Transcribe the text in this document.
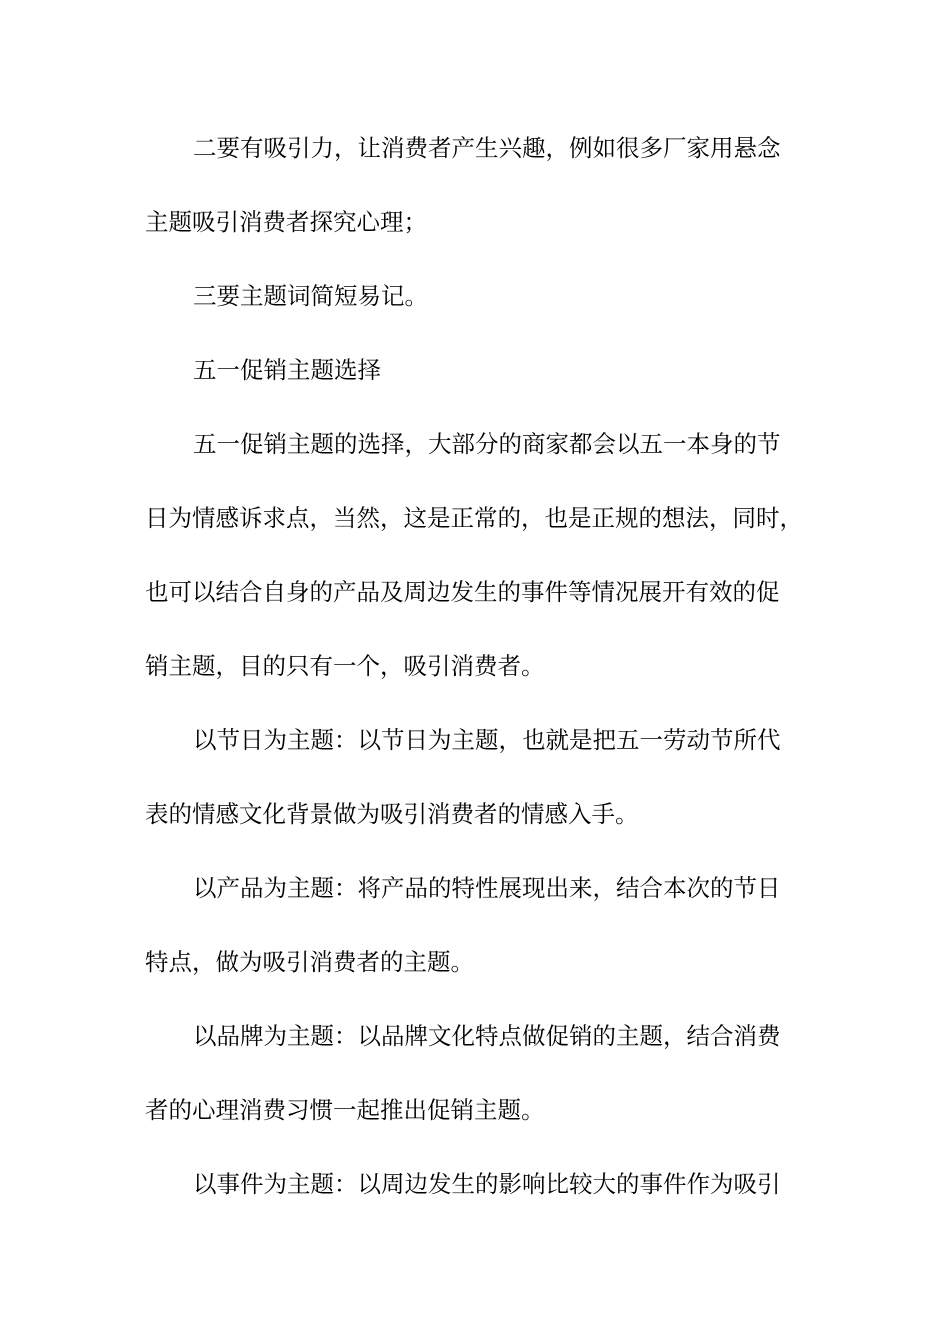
二要有吸引力，让消费者产生兴趣，例如很多厂家用悬念
主题吸引消费者探究心理；
三要主题词简短易记。
五一促销主题选择
五一促销主题的选择，大部分的商家都会以五一本身的节
日为情感诉求点，当然，这是正常的，也是正规的想法，同时，
也可以结合自身的产品及周边发生的事件等情况展开有效的促
销主题，目的只有一个，吸引消费者。
以节日为主题：以节日为主题，也就是把五一劳动节所代
表的情感文化背景做为吸引消费者的情感入手。
以产品为主题：将产品的特性展现出来，结合本次的节日
特点，做为吸引消费者的主题。
以品牌为主题：以品牌文化特点做促销的主题，结合消费
者的心理消费习惯一起推出促销主题。
以事件为主题：以周边发生的影响比较大的事件作为吸引
